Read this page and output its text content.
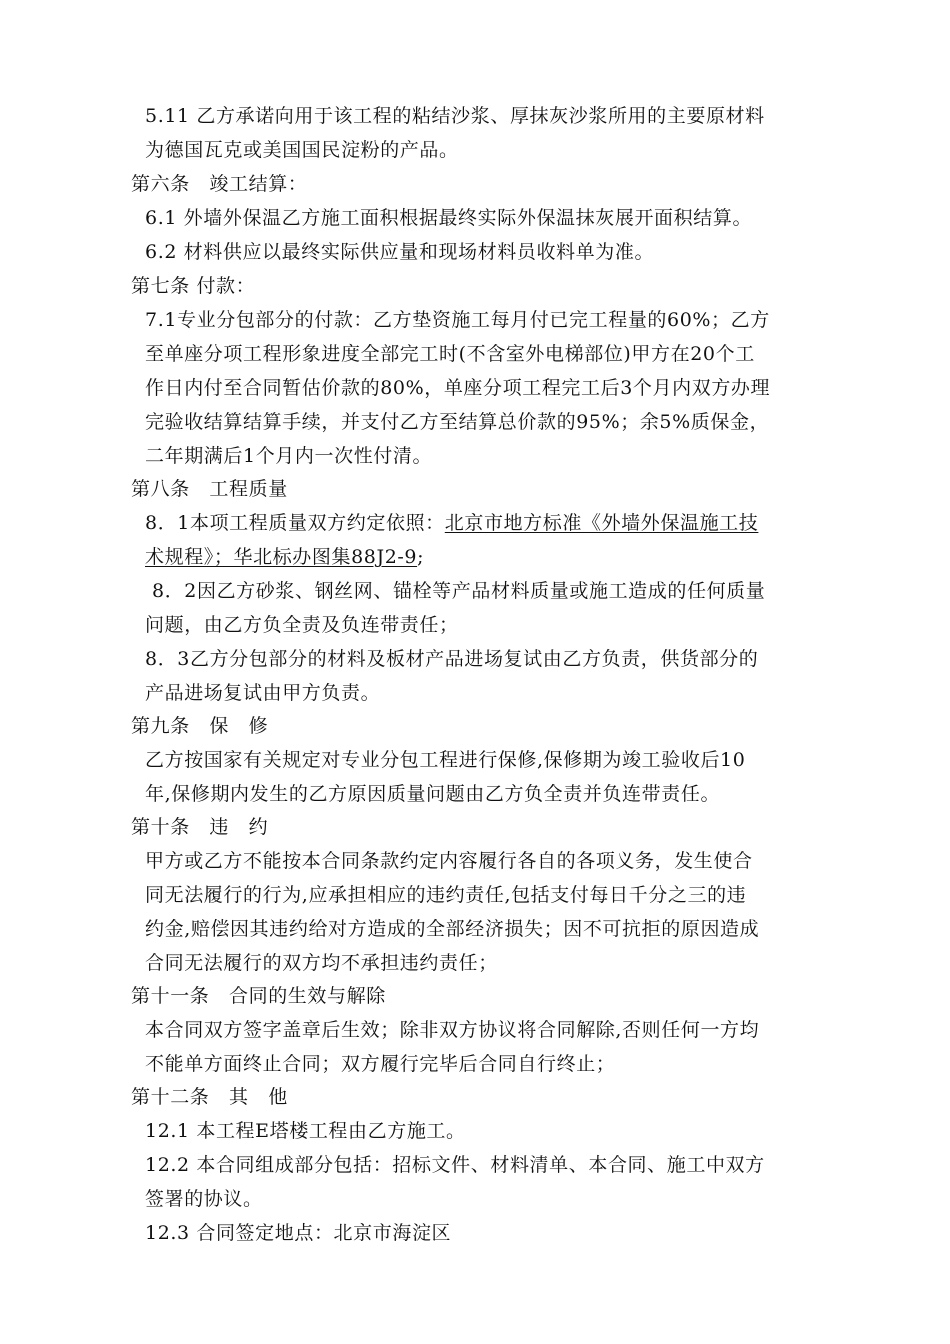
5.11 乙方承诺向用于该工程的粘结沙浆、厚抹灰沙浆所用的主要原材料
为德国瓦克或美国国民淀粉的产品。
第六条　竣工结算：
6.1 外墙外保温乙方施工面积根据最终实际外保温抹灰展开面积结算。
6.2 材料供应以最终实际供应量和现场材料员收料单为准。
第七条 付款：
7.1专业分包部分的付款：乙方垫资施工每月付已完工程量的60%；乙方
至单座分项工程形象进度全部完工时(不含室外电梯部位)甲方在20个工
作日内付至合同暂估价款的80%，单座分项工程完工后3个月内双方办理
完验收结算结算手续，并支付乙方至结算总价款的95%；余5%质保金，
二年期满后1个月内一次性付清。
第八条　工程质量
8．1本项工程质量双方约定依照：北京市地方标准《外墙外保温施工技
术规程》；华北标办图集88J2-9;
8．2因乙方砂浆、钢丝网、锚栓等产品材料质量或施工造成的任何质量
问题，由乙方负全责及负连带责任；
8．3乙方分包部分的材料及板材产品进场复试由乙方负责，供货部分的
产品进场复试由甲方负责。
第九条　保　修
乙方按国家有关规定对专业分包工程进行保修,保修期为竣工验收后10
年,保修期内发生的乙方原因质量问题由乙方负全责并负连带责任。
第十条　违　约
甲方或乙方不能按本合同条款约定内容履行各自的各项义务，发生使合
同无法履行的行为,应承担相应的违约责任,包括支付每日千分之三的违
约金,赔偿因其违约给对方造成的全部经济损失；因不可抗拒的原因造成
合同无法履行的双方均不承担违约责任；
第十一条　合同的生效与解除
本合同双方签字盖章后生效；除非双方协议将合同解除,否则任何一方均
不能单方面终止合同；双方履行完毕后合同自行终止；
第十二条　其　他
12.1 本工程E塔楼工程由乙方施工。
12.2 本合同组成部分包括：招标文件、材料清单、本合同、施工中双方
签署的协议。
12.3 合同签定地点：北京市海淀区
